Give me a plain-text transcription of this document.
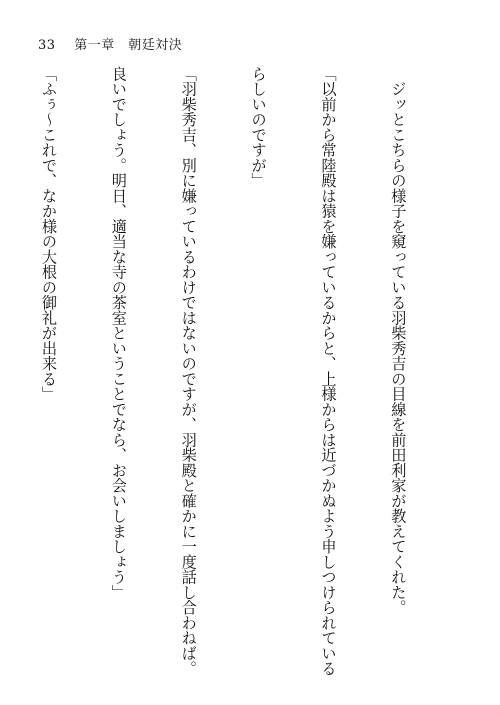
33 第一章　朝廷対決

　ジッとこちらの様子を窺っている羽柴秀吉の目線を前田利家が教えてくれた。

「以前から常陸殿は猿を嫌っているからと、上様からは近づかぬよう申しつけられている

らしいのですが」

「羽柴秀吉、別に嫌っているわけではないのですが、羽柴殿と確かに一度話し合わねば。

良いでしょう。明日、適当な寺の茶室ということでなら、お会いしましょう」

「ふぅ〜これで、なか様の大根の御礼が出来る」
